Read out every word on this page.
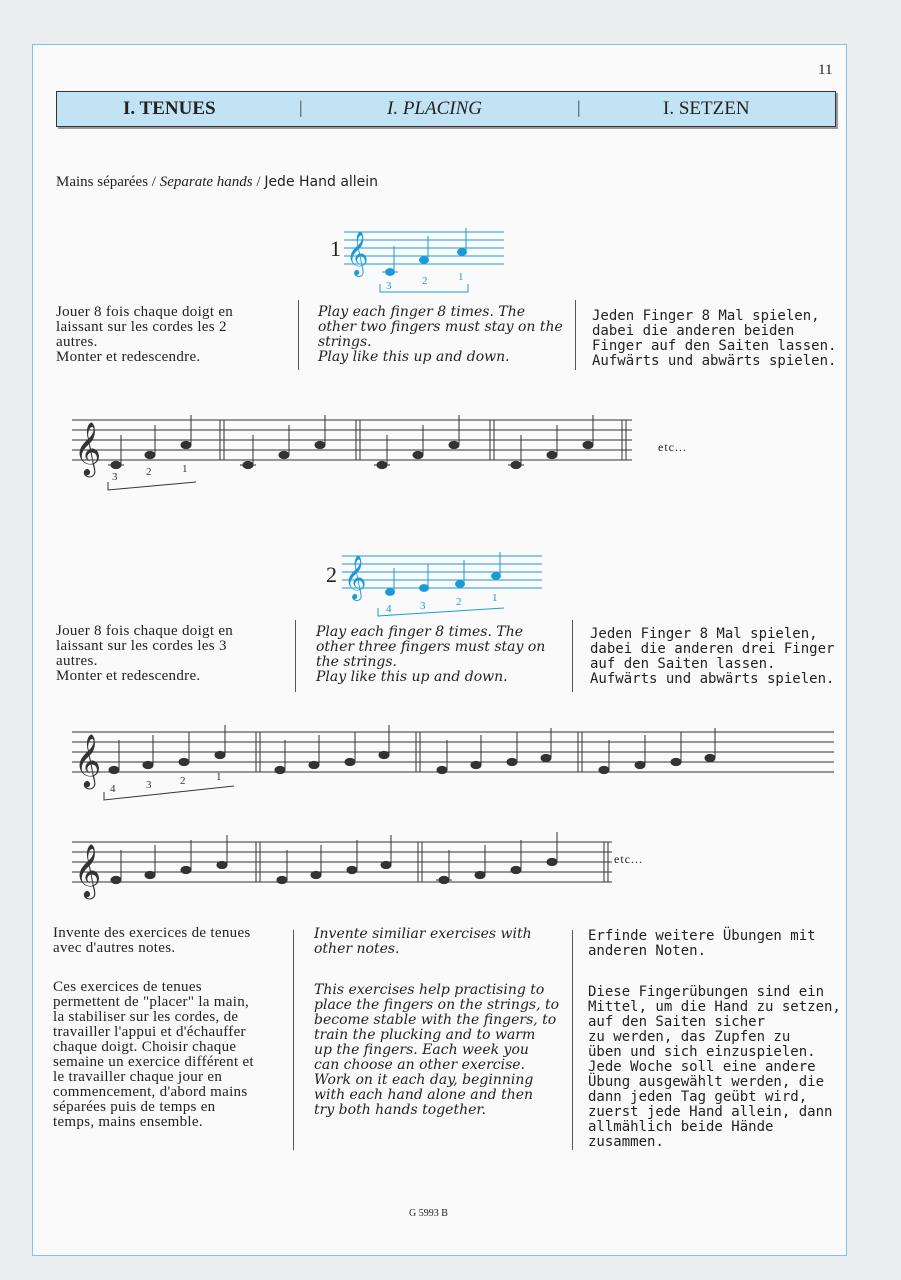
11
I. TENUES	|	I. PLACING	|	I. SETZEN
Mains séparées / Separate hands / Jede Hand allein
1 𝄞
3	2	1
Jouer 8 fois chaque doigt en
laissant sur les cordes les 2
autres.
Monter et redescendre.
Play each finger 8 times. The
other two fingers must stay on the
strings.
Play like this up and down.
Jeden Finger 8 Mal spielen,
dabei die anderen beiden
Finger auf den Saiten lassen.
Aufwärts und abwärts spielen.
𝄞
3	2	1
etc...
2 𝄞
4	3	2	1
Jouer 8 fois chaque doigt en
laissant sur les cordes les 3
autres.
Monter et redescendre.
Play each finger 8 times. The
other three fingers must stay on
the strings.
Play like this up and down.
Jeden Finger 8 Mal spielen,
dabei die anderen drei Finger
auf den Saiten lassen.
Aufwärts und abwärts spielen.
𝄞
4	3	2	1
𝄞	etc...
Invente des exercices de tenues
avec d'autres notes.
Invente similiar exercises with
other notes.
Erfinde weitere Übungen mit
anderen Noten.
Ces exercices de tenues
permettent de "placer" la main,
la stabiliser sur les cordes, de
travailler l'appui et d'échauffer
chaque doigt. Choisir chaque
semaine un exercice différent et
le travailler chaque jour en
commencement, d'abord mains
séparées puis de temps en
temps, mains ensemble.
This exercises help practising to
place the fingers on the strings, to
become stable with the fingers, to
train the plucking and to warm
up the fingers. Each week you
can choose an other exercise.
Work on it each day, beginning
with each hand alone and then
try both hands together.
Diese Fingerübungen sind ein
Mittel, um die Hand zu setzen,
auf den Saiten sicher
zu werden, das Zupfen zu
üben und sich einzuspielen.
Jede Woche soll eine andere
Übung ausgewählt werden, die
dann jeden Tag geübt wird,
zuerst jede Hand allein, dann
allmählich beide Hände
zusammen.
G 5993 B
